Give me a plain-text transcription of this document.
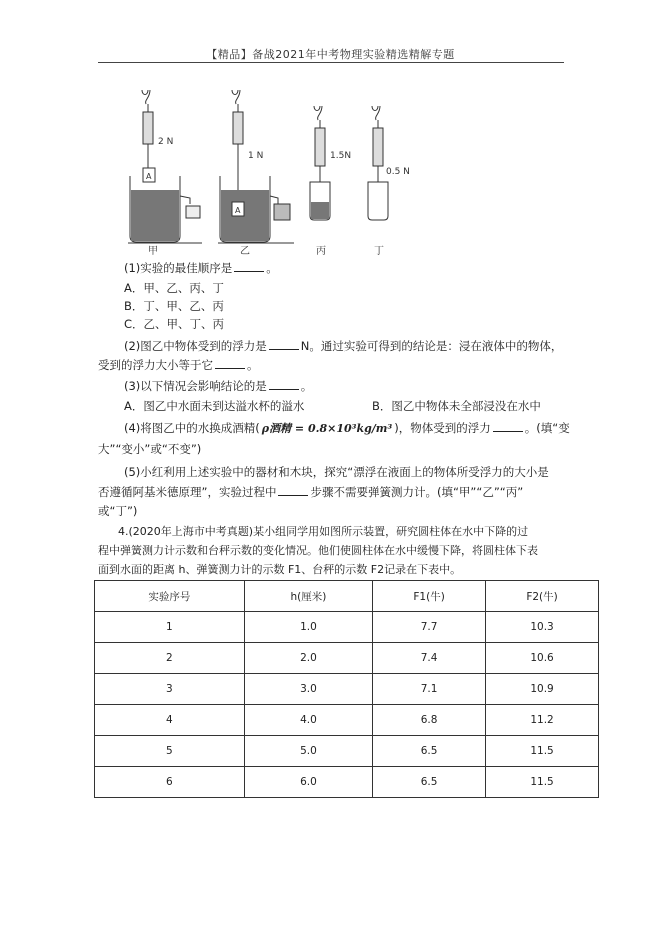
【精品】备战2021年中考物理实验精选精解专题
2 N
1 N	1.5N
0.5 N
A
A
甲	乙	丙	丁
(1)实验的最佳顺序是	。
A．甲、乙、丙、丁
B．丁、甲、乙、丙
C．乙、甲、丁、丙
(2)图乙中物体受到的浮力是	N。通过实验可得到的结论是：浸在液体中的物体，
受到的浮力大小等于它	。
(3)以下情况会影响结论的是	。
A．图乙中水面未到达溢水杯的溢水	B．图乙中物体未全部浸没在水中
(4)将图乙中的水换成酒精( ρ酒精 = 0.8×10³kg/m³ )，物体受到的浮力	。(填“变
大”“变小”或“不变”)
(5)小红利用上述实验中的器材和木块，探究“漂浮在液面上的物体所受浮力的大小是
否遵循阿基米德原理”，实验过程中	步骤不需要弹簧测力计。(填“甲”“乙”“丙”
或“丁”)
4.(2020年上海市中考真题)某小组同学用如图所示装置，研究圆柱体在水中下降的过
程中弹簧测力计示数和台秤示数的变化情况。他们使圆柱体在水中缓慢下降，将圆柱体下表
面到水面的距离 h、弹簧测力计的示数 F1、台秤的示数 F2记录在下表中。
实验序号	h(厘米)	F1(牛)	F2(牛)
1	1.0	7.7	10.3
2	2.0	7.4	10.6
3	3.0	7.1	10.9
4	4.0	6.8	11.2
5	5.0	6.5	11.5
6	6.0	6.5	11.5
